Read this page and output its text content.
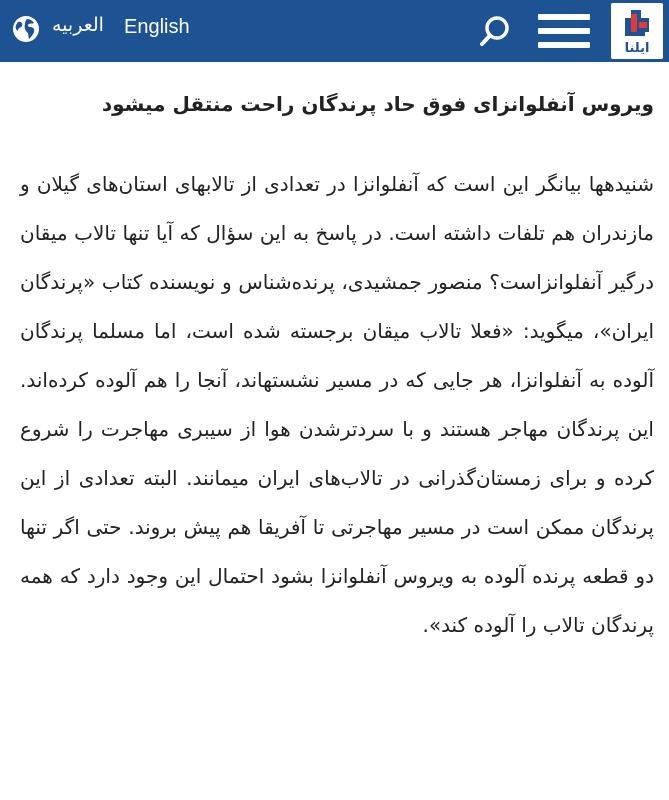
العربیه English
ایلنا
ویروس آنفلوانزای فوق حاد پرندگان راحت منتقل میشود

شنیدهها بیانگر این است که آنفلوانزا در تعدادی از تالابهای استان‌های گیلان و مازندران هم تلفات داشته است. در پاسخ به این سؤال که آیا تنها تالاب میقان درگیر آنفلوانزاست؟ منصور جمشیدی، پرنده‌شناس و نویسنده کتاب «پرندگان ایران»، میگوید: «فعلا تالاب میقان برجسته شده است، اما مسلما پرندگان آلوده به آنفلوانزا، هر جایی که در مسیر نشستهاند، آنجا را هم آلوده کرده‌اند. این پرندگان مهاجر هستند و با سردترشدن هوا از سیبری مهاجرت را شروع کرده و برای زمستان‌گذرانی در تالاب‌های ایران میمانند. البته تعدادی از این پرندگان ممکن است در مسیر مهاجرتی تا آفریقا هم پیش بروند. حتی اگر تنها دو قطعه پرنده آلوده به ویروس آنفلوانزا بشود احتمال این وجود دارد که همه پرندگان تالاب را آلوده کند».
